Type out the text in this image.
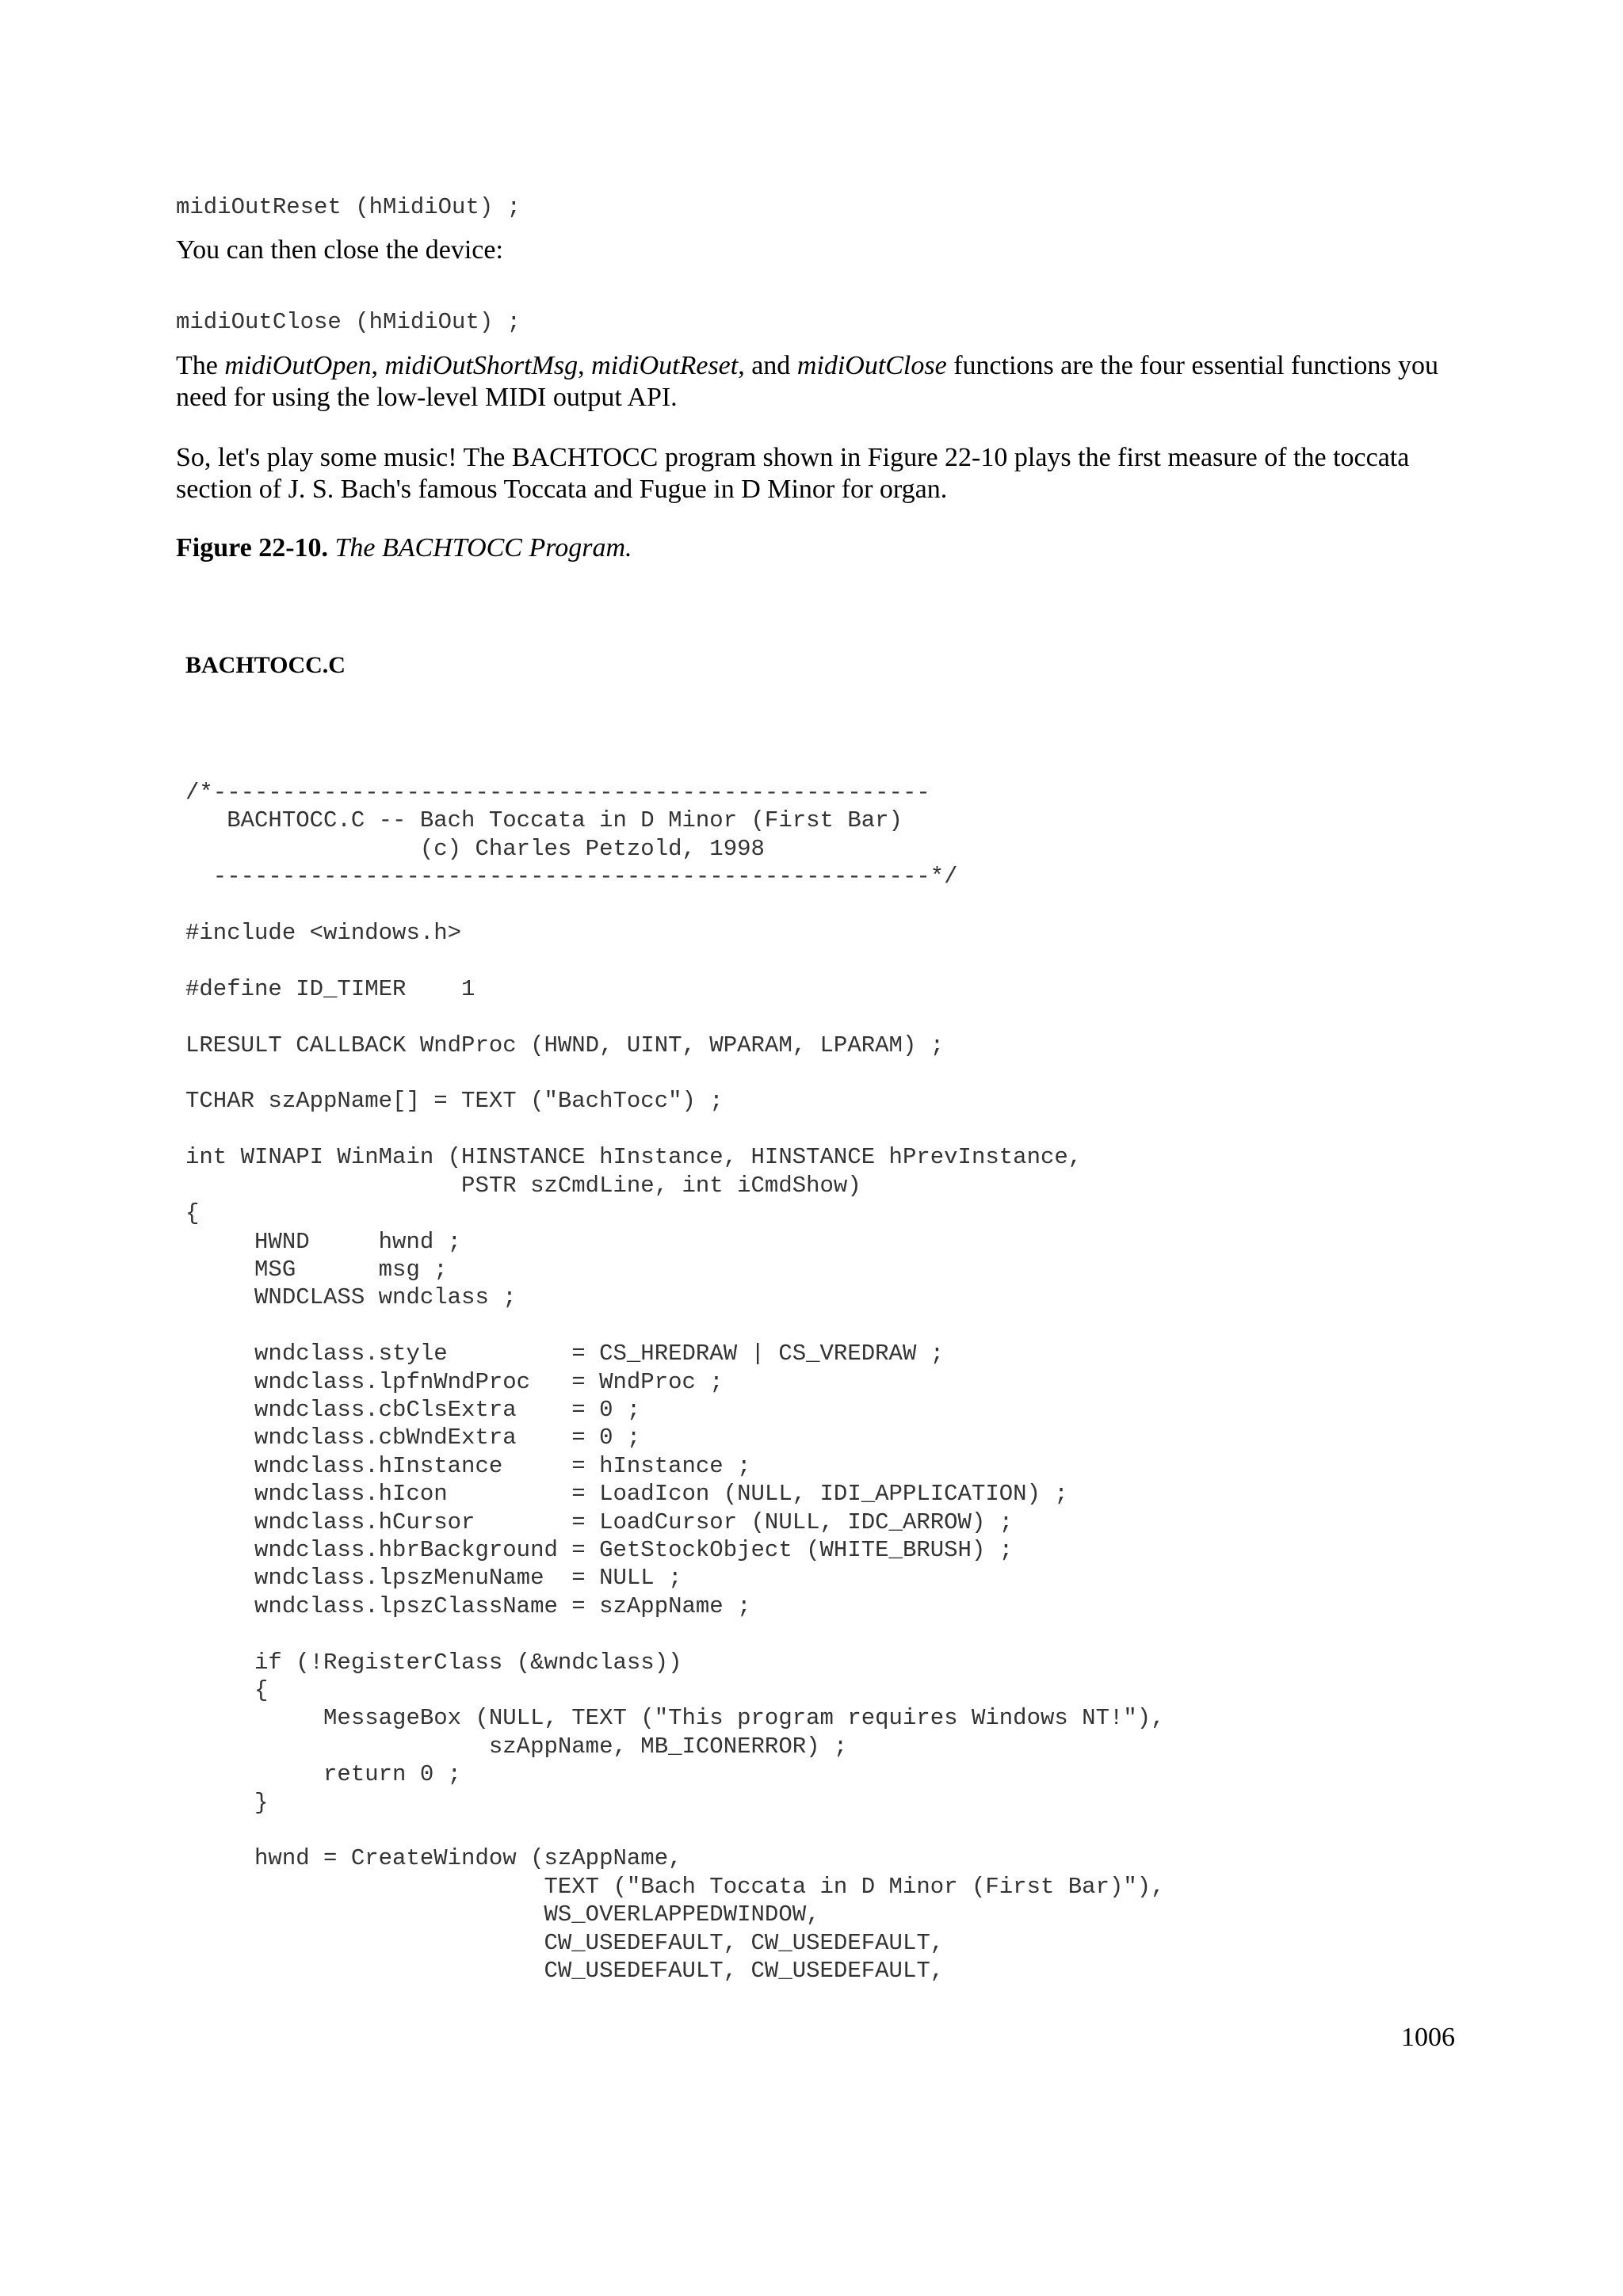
midiOutReset (hMidiOut) ;

You can then close the device:

midiOutClose (hMidiOut) ;

The midiOutOpen, midiOutShortMsg, midiOutReset, and midiOutClose functions are the four essential functions you need for using the low-level MIDI output API.

So, let's play some music! The BACHTOCC program shown in Figure 22-10 plays the first measure of the toccata section of J. S. Bach's famous Toccata and Fugue in D Minor for organ.

Figure 22-10. The BACHTOCC Program.

BACHTOCC.C

/*----------------------------------------------------
BACHTOCC.C -- Bach Toccata in D Minor (First Bar)
(c) Charles Petzold, 1998
----------------------------------------------------*/

#include <windows.h>

#define ID_TIMER    1

LRESULT CALLBACK WndProc (HWND, UINT, WPARAM, LPARAM) ;

TCHAR szAppName[] = TEXT ("BachTocc") ;

int WINAPI WinMain (HINSTANCE hInstance, HINSTANCE hPrevInstance,
PSTR szCmdLine, int iCmdShow)
{
HWND     hwnd ;
MSG      msg ;
WNDCLASS wndclass ;

wndclass.style         = CS_HREDRAW | CS_VREDRAW ;
wndclass.lpfnWndProc   = WndProc ;
wndclass.cbClsExtra    = 0 ;
wndclass.cbWndExtra    = 0 ;
wndclass.hInstance     = hInstance ;
wndclass.hIcon         = LoadIcon (NULL, IDI_APPLICATION) ;
wndclass.hCursor       = LoadCursor (NULL, IDC_ARROW) ;
wndclass.hbrBackground = GetStockObject (WHITE_BRUSH) ;
wndclass.lpszMenuName  = NULL ;
wndclass.lpszClassName = szAppName ;

if (!RegisterClass (&wndclass))
{
MessageBox (NULL, TEXT ("This program requires Windows NT!"),
szAppName, MB_ICONERROR) ;
return 0 ;
}

hwnd = CreateWindow (szAppName,
TEXT ("Bach Toccata in D Minor (First Bar)"),
WS_OVERLAPPEDWINDOW,
CW_USEDEFAULT, CW_USEDEFAULT,
CW_USEDEFAULT, CW_USEDEFAULT,

1006
